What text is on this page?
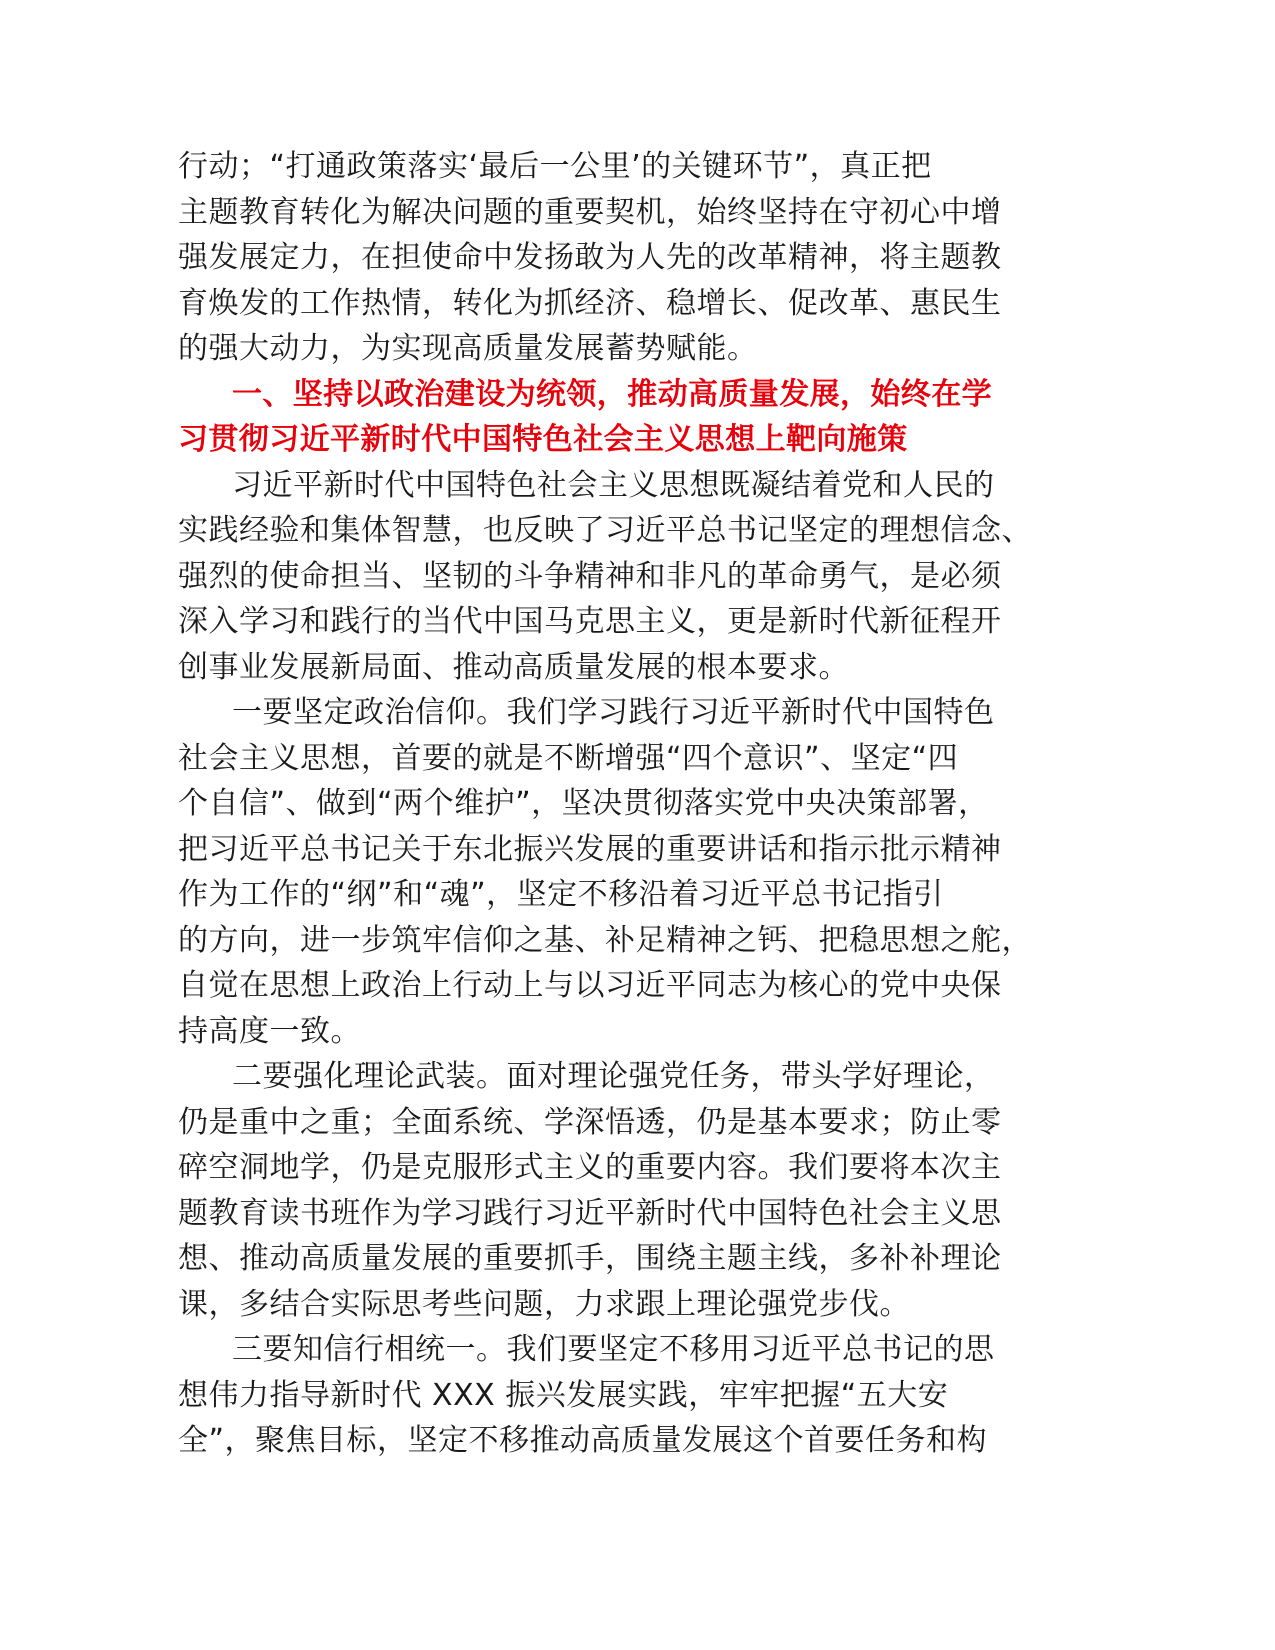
行动；“打通政策落实‘最后一公里’的关键环节”，真正把
主题教育转化为解决问题的重要契机，始终坚持在守初心中增
强发展定力，在担使命中发扬敢为人先的改革精神，将主题教
育焕发的工作热情，转化为抓经济、稳增长、促改革、惠民生
的强大动力，为实现高质量发展蓄势赋能。
一、坚持以政治建设为统领，推动高质量发展，始终在学
习贯彻习近平新时代中国特色社会主义思想上靶向施策
习近平新时代中国特色社会主义思想既凝结着党和人民的
实践经验和集体智慧，也反映了习近平总书记坚定的理想信念、
强烈的使命担当、坚韧的斗争精神和非凡的革命勇气，是必须
深入学习和践行的当代中国马克思主义，更是新时代新征程开
创事业发展新局面、推动高质量发展的根本要求。
一要坚定政治信仰。我们学习践行习近平新时代中国特色
社会主义思想，首要的就是不断增强“四个意识”、坚定“四
个自信”、做到“两个维护”，坚决贯彻落实党中央决策部署，
把习近平总书记关于东北振兴发展的重要讲话和指示批示精神
作为工作的“纲”和“魂”，坚定不移沿着习近平总书记指引
的方向，进一步筑牢信仰之基、补足精神之钙、把稳思想之舵，
自觉在思想上政治上行动上与以习近平同志为核心的党中央保
持高度一致。
二要强化理论武装。面对理论强党任务，带头学好理论，
仍是重中之重；全面系统、学深悟透，仍是基本要求；防止零
碎空洞地学，仍是克服形式主义的重要内容。我们要将本次主
题教育读书班作为学习践行习近平新时代中国特色社会主义思
想、推动高质量发展的重要抓手，围绕主题主线，多补补理论
课，多结合实际思考些问题，力求跟上理论强党步伐。
三要知信行相统一。我们要坚定不移用习近平总书记的思
想伟力指导新时代 XXX 振兴发展实践，牢牢把握“五大安
全”，聚焦目标，坚定不移推动高质量发展这个首要任务和构
